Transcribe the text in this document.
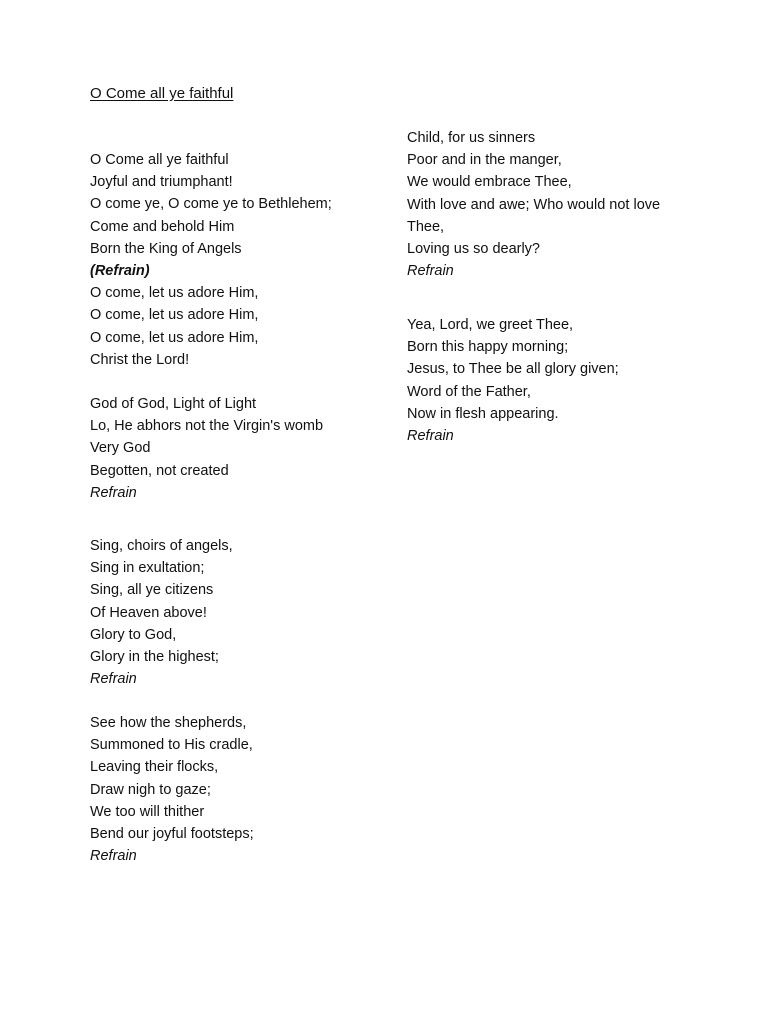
O Come all ye faithful
O Come all ye faithful
Joyful and triumphant!
O come ye, O come ye to Bethlehem;
Come and behold Him
Born the King of Angels
(Refrain)
O come, let us adore Him,
O come, let us adore Him,
O come, let us adore Him,
Christ the Lord!
God of God, Light of Light
Lo, He abhors not the Virgin's womb
Very God
Begotten, not created
Refrain
Sing, choirs of angels,
Sing in exultation;
Sing, all ye citizens
Of Heaven above!
Glory to God,
Glory in the highest;
Refrain
See how the shepherds,
Summoned to His cradle,
Leaving their flocks,
Draw nigh to gaze;
We too will thither
Bend our joyful footsteps;
Refrain
Child, for us sinners
Poor and in the manger,
We would embrace Thee,
With love and awe; Who would not love
Thee,
Loving us so dearly?
Refrain
Yea, Lord, we greet Thee,
Born this happy morning;
Jesus, to Thee be all glory given;
Word of the Father,
Now in flesh appearing.
Refrain
